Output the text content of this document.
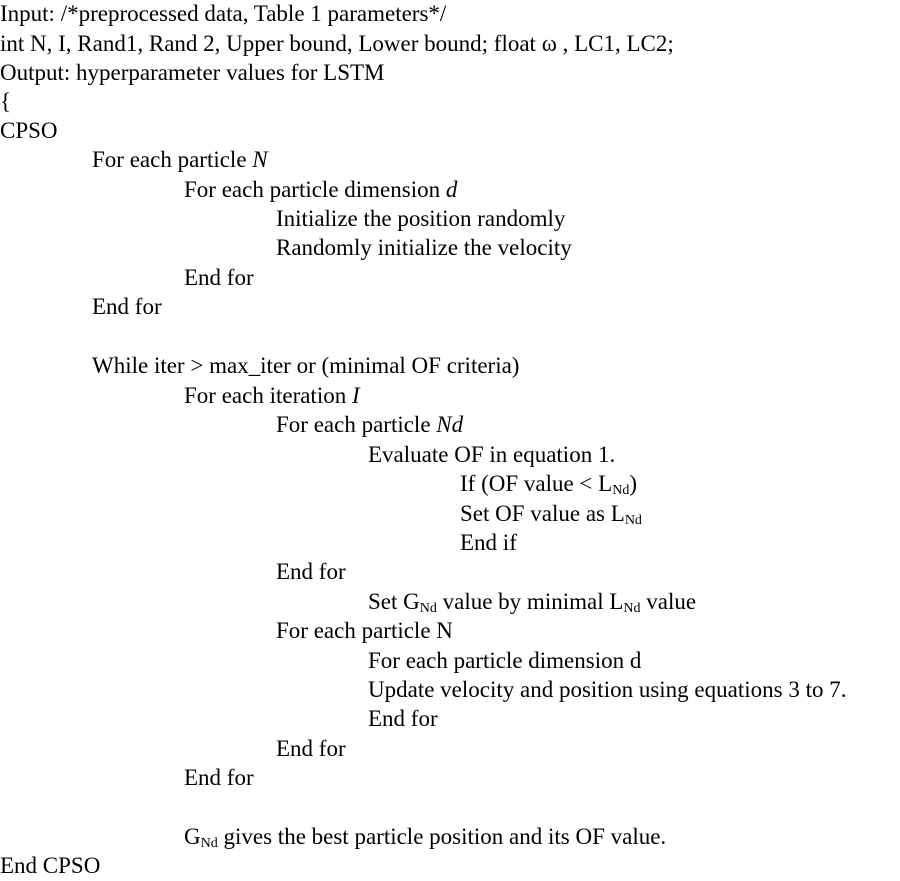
Input: /*preprocessed data, Table 1 parameters*/
int N, I, Rand1, Rand 2, Upper bound, Lower bound; float ω , LC1, LC2;
Output: hyperparameter values for LSTM
{
CPSO
For each particle N
For each particle dimension d
Initialize the position randomly
Randomly initialize the velocity
End for
End for
While iter > max_iter or (minimal OF criteria)
For each iteration I
For each particle Nd
Evaluate OF in equation 1.
If (OF value < $L_{Nd}$)
Set OF value as $L_{Nd}$
End if
End for
Set $G_{Nd}$ value by minimal $L_{Nd}$ value
For each particle N
For each particle dimension d
Update velocity and position using equations 3 to 7.
End for
End for
End for
$G_{Nd}$ gives the best particle position and its OF value.
End CPSO
